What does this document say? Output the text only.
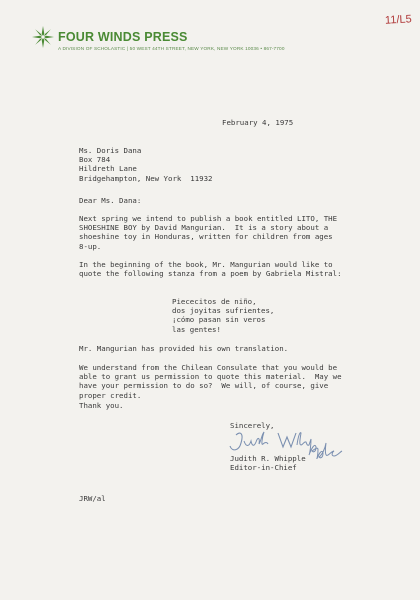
11/L5
FOUR WINDS PRESS
A DIVISION OF SCHOLASTIC | 50 WEST 44TH STREET, NEW YORK, NEW YORK 10036 • 867-7700
February 4, 1975
Ms. Doris Dana
Box 784
Hildreth Lane
Bridgehampton, New York  11932
Dear Ms. Dana:
Next spring we intend to publish a book entitled LITO, THE
SHOESHINE BOY by David Mangurian.  It is a story about a
shoeshine toy in Honduras, written for children from ages
8-up.
In the beginning of the book, Mr. Mangurian would like to
quote the following stanza from a poem by Gabriela Mistral:
Piececitos de niño,
dos joyitas sufrientes,
¡cómo pasan sin veros
las gentes!
Mr. Mangurian has provided his own translation.
We understand from the Chilean Consulate that you would be
able to grant us permission to quote this material.  May we
have your permission to do so?  We will, of course, give
proper credit.
Thank you.
Sincerely,
Judith R. Whipple
Editor-in-Chief
JRW/al
